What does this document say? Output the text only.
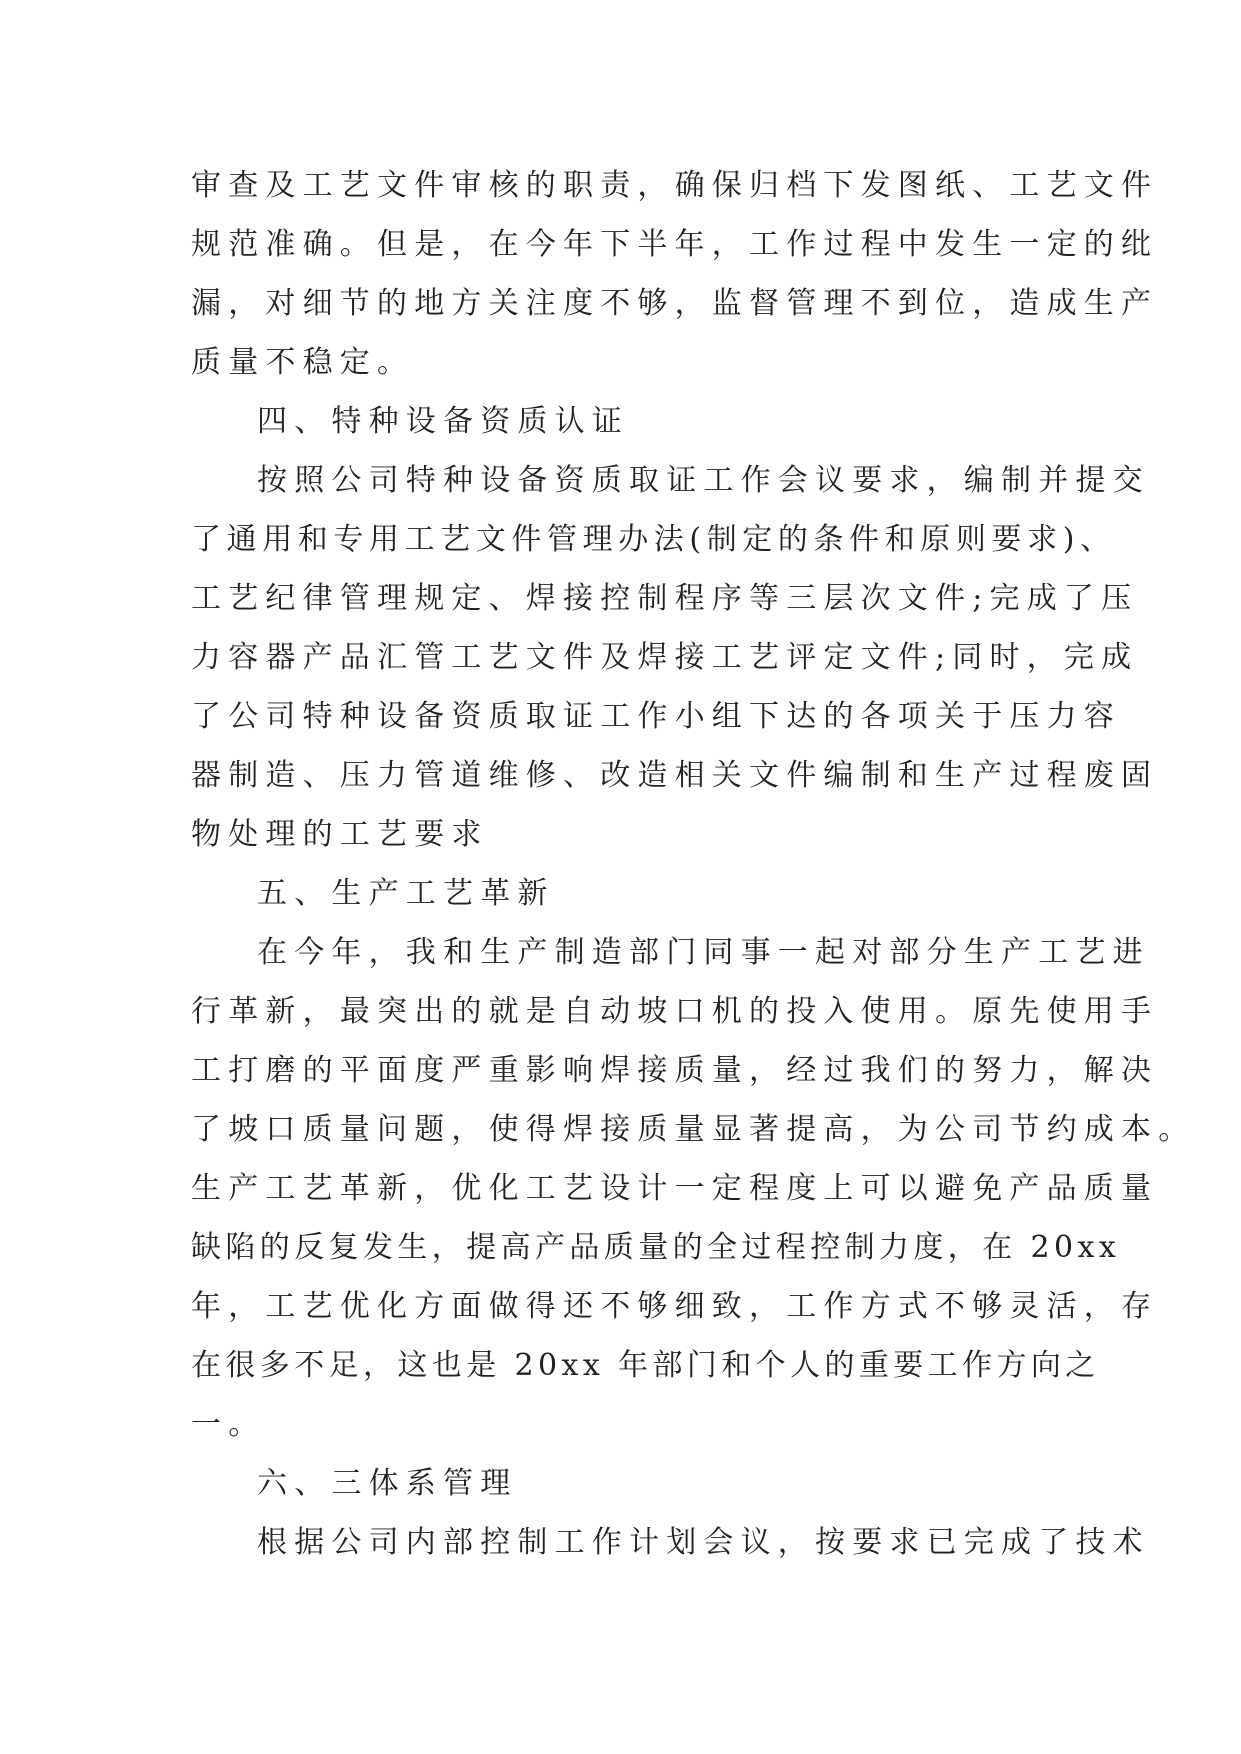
审查及工艺文件审核的职责，确保归档下发图纸、工艺文件
规范准确。但是，在今年下半年，工作过程中发生一定的纰
漏，对细节的地方关注度不够，监督管理不到位，造成生产
质量不稳定。
四、特种设备资质认证
按照公司特种设备资质取证工作会议要求，编制并提交
了通用和专用工艺文件管理办法(制定的条件和原则要求)、
工艺纪律管理规定、焊接控制程序等三层次文件;完成了压
力容器产品汇管工艺文件及焊接工艺评定文件;同时，完成
了公司特种设备资质取证工作小组下达的各项关于压力容
器制造、压力管道维修、改造相关文件编制和生产过程废固
物处理的工艺要求
五、生产工艺革新
在今年，我和生产制造部门同事一起对部分生产工艺进
行革新，最突出的就是自动坡口机的投入使用。原先使用手
工打磨的平面度严重影响焊接质量，经过我们的努力，解决
了坡口质量问题，使得焊接质量显著提高，为公司节约成本。
生产工艺革新，优化工艺设计一定程度上可以避免产品质量
缺陷的反复发生，提高产品质量的全过程控制力度，在 20xx
年，工艺优化方面做得还不够细致，工作方式不够灵活，存
在很多不足，这也是 20xx 年部门和个人的重要工作方向之
一。
六、三体系管理
根据公司内部控制工作计划会议，按要求已完成了技术
